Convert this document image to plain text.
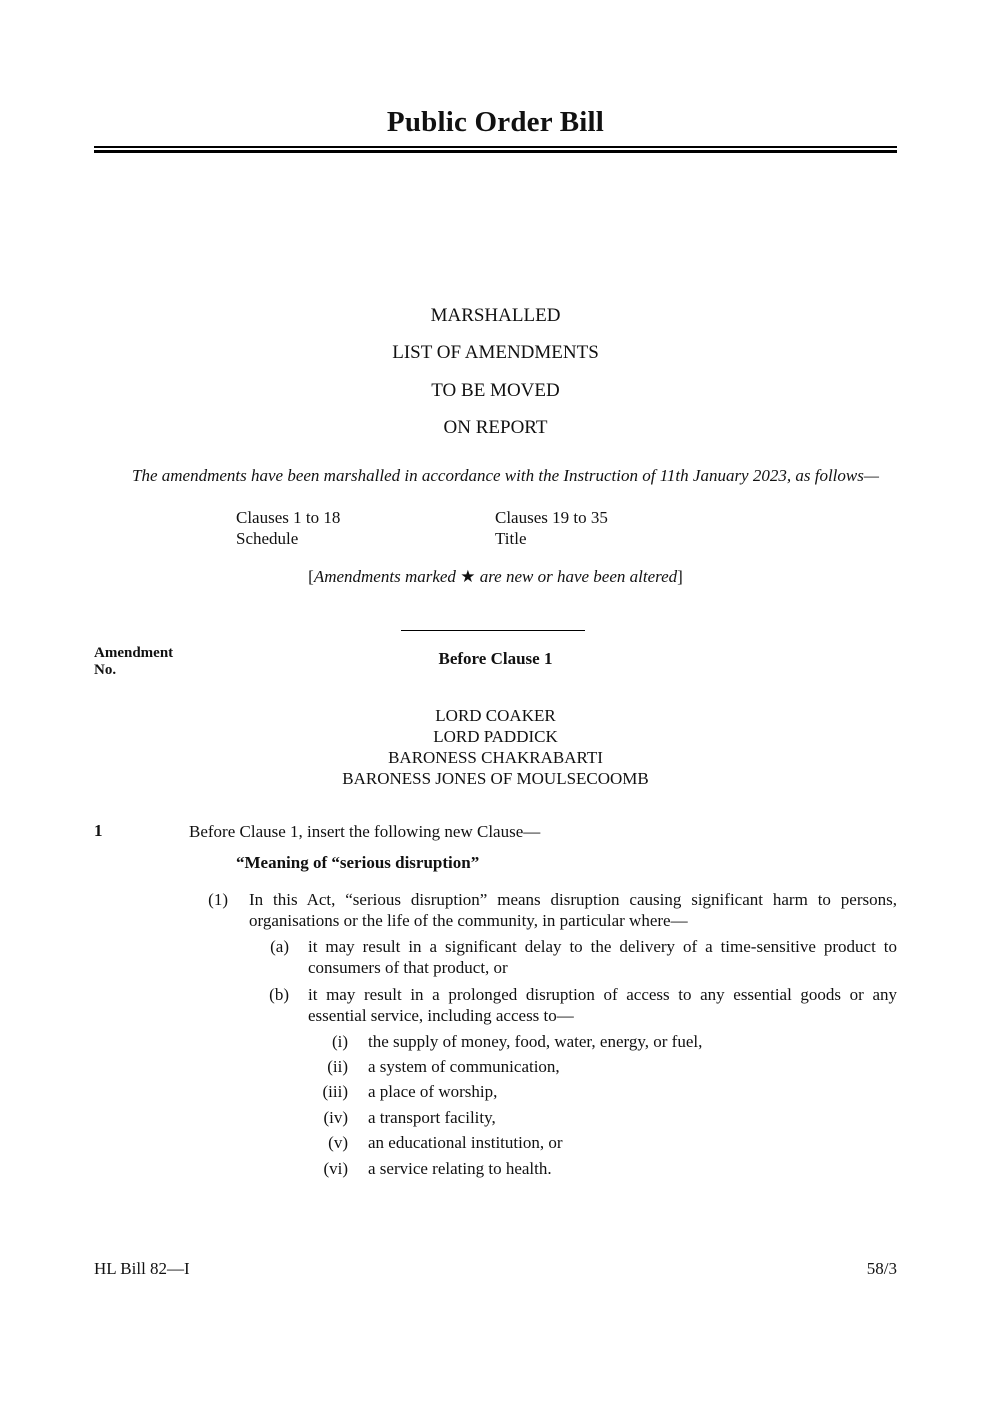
Public Order Bill
MARSHALLED
LIST OF AMENDMENTS
TO BE MOVED
ON REPORT
The amendments have been marshalled in accordance with the Instruction of 11th January 2023, as follows—
Clauses 1 to 18
Schedule
Clauses 19 to 35
Title
[Amendments marked ★ are new or have been altered]
Amendment
No.
Before Clause 1
LORD COAKER
LORD PADDICK
BARONESS CHAKRABARTI
BARONESS JONES OF MOULSECOOMB
1	Before Clause 1, insert the following new Clause—
“Meaning of “serious disruption”
(1) In this Act, “serious disruption” means disruption causing significant harm to persons, organisations or the life of the community, in particular where—
(a) it may result in a significant delay to the delivery of a time-sensitive product to consumers of that product, or
(b) it may result in a prolonged disruption of access to any essential goods or any essential service, including access to—
(i) the supply of money, food, water, energy, or fuel,
(ii) a system of communication,
(iii) a place of worship,
(iv) a transport facility,
(v) an educational institution, or
(vi) a service relating to health.
HL Bill 82—I	58/3
